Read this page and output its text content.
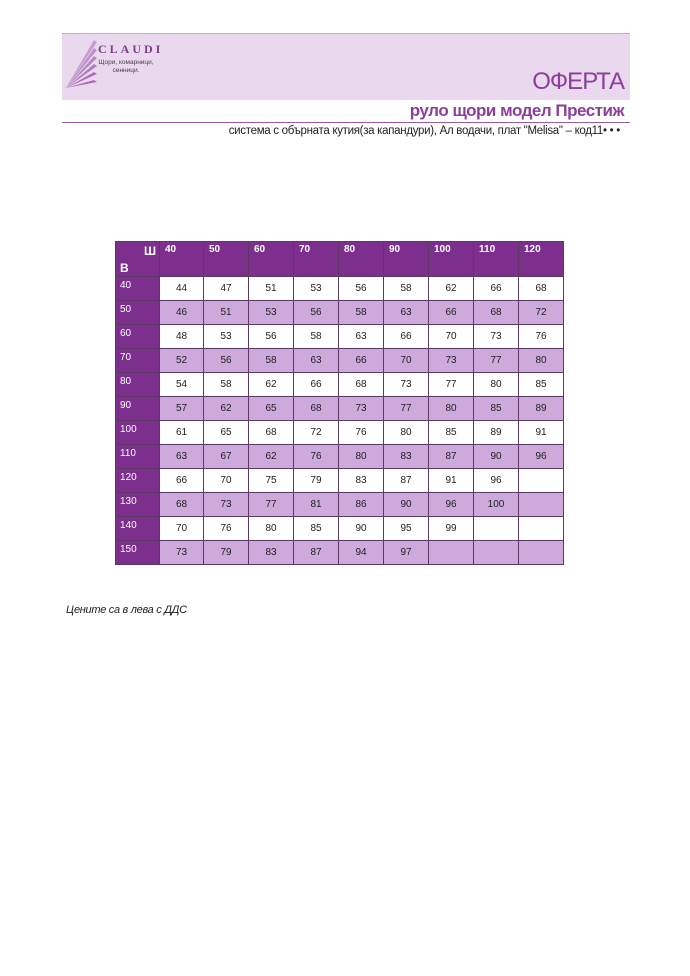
CLAUDI
Щори, комарници, сенници.	ОФЕРТА
рулo щори модел Престиж
система с обърната кутия(за капандури), Ал водачи, плат "Melisa" – код11• • •
Ш
В	40	50	60	70	80	90	100	110	120
40	44	47	51	53	56	58	62	66	68
50	46	51	53	56	58	63	66	68	72
60	48	53	56	58	63	66	70	73	76
70	52	56	58	63	66	70	73	77	80
80	54	58	62	66	68	73	77	80	85
90	57	62	65	68	73	77	80	85	89
100	61	65	68	72	76	80	85	89	91
110	63	67	62	76	80	83	87	90	96
120	66	70	75	79	83	87	91	96	
130	68	73	77	81	86	90	96	100	
140	70	76	80	85	90	95	99		
150	73	79	83	87	94	97			
Цените са в лева с ДДС
